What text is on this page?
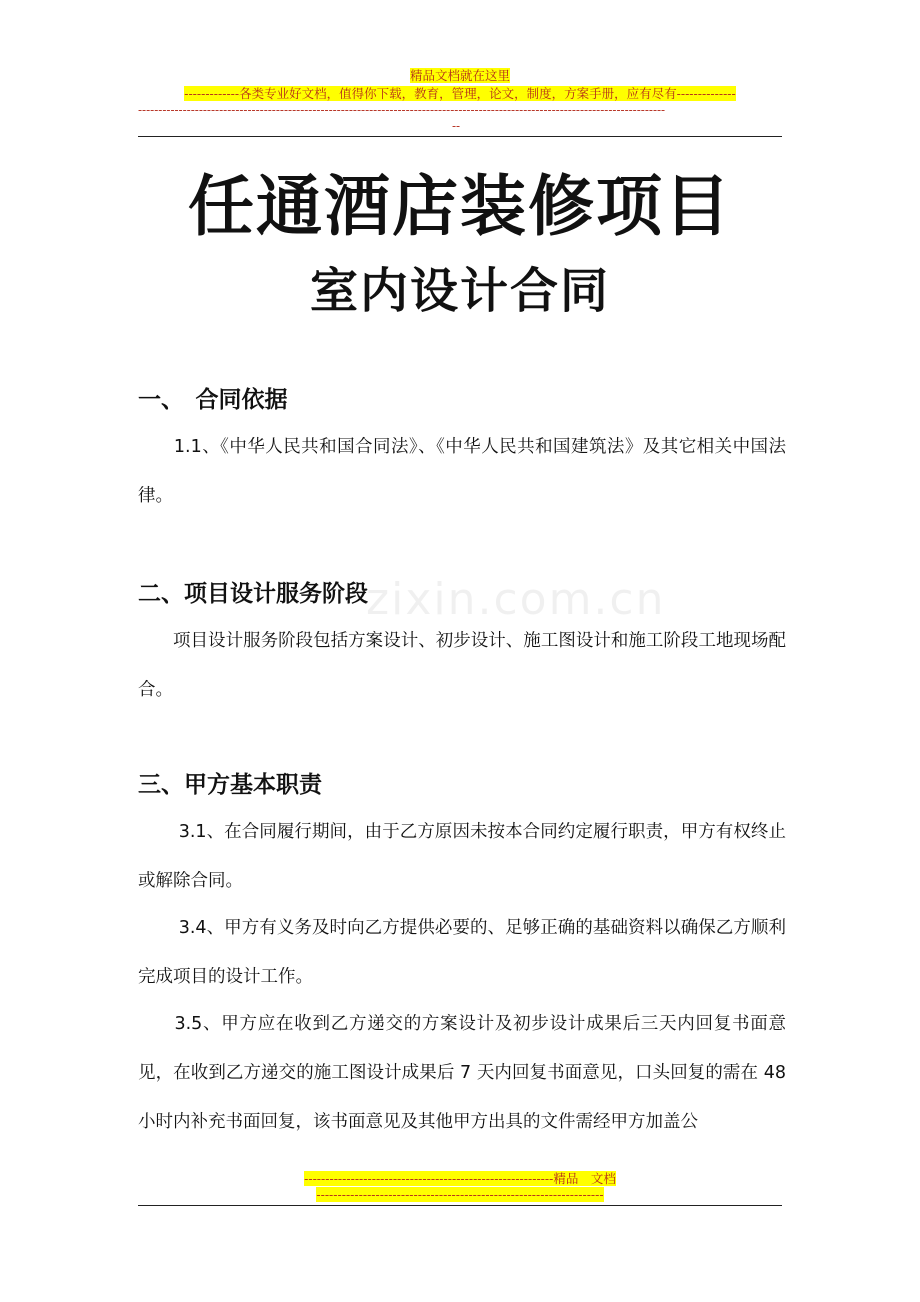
精品文档就在这里
-------------各类专业好文档，值得你下载，教育，管理，论文，制度，方案手册，应有尽有--------------
----------------------------------------------------------------------------------------------------------------------------------
--
任通酒店装修项目
室内设计合同
zixin.com.cn
一、　合同依据
　　1.1、《中华人民共和国合同法》、《中华人民共和国建筑法》及其它相关中国法律。
二、项目设计服务阶段
　　项目设计服务阶段包括方案设计、初步设计、施工图设计和施工阶段工地现场配合。
三、甲方基本职责
　　 3.1、在合同履行期间，由于乙方原因未按本合同约定履行职责，甲方有权终止或解除合同。
　　 3.4、甲方有义务及时向乙方提供必要的、足够正确的基础资料以确保乙方顺利完成项目的设计工作。
　　3.5、甲方应在收到乙方递交的方案设计及初步设计成果后三天内回复书面意见，在收到乙方递交的施工图设计成果后 7 天内回复书面意见，口头回复的需在 48 小时内补充书面回复，该书面意见及其他甲方出具的文件需经甲方加盖公
-----------------------------------------------------------精品　文档
--------------------------------------------------------------------
